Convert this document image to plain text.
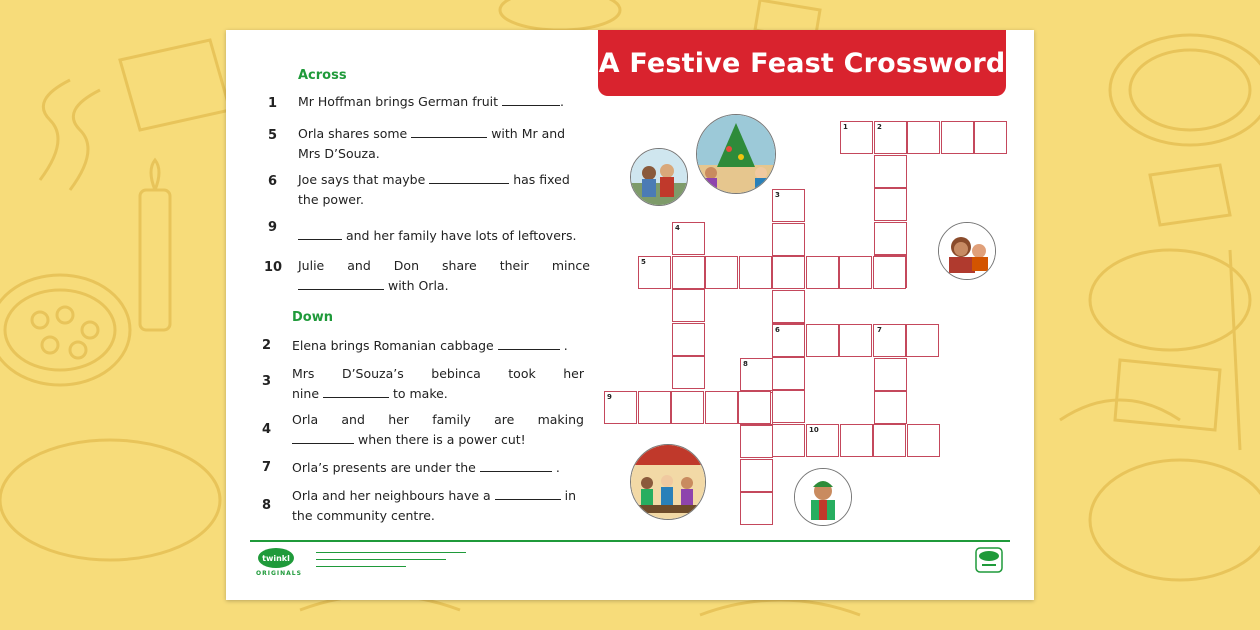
A Festive Feast Crossword
Across
1 Mr Hoffman brings German fruit	.
5 Orla shares some	with Mr and
Mrs D’Souza.
6 Joe says that maybe	has fixed
the power.
9
and her family have lots of leftovers.
10 Julie and Don share their mince
with Orla.
Down
2 Elena brings Romanian cabbage	.
3
Mrs D’Souza’s bebinca took her
nine	to make.
4
Orla and her family are making
when there is a power cut!
7 Orla’s presents are under the	.
8
Orla and her neighbours have a	in
the community centre.
1	2
3
4
5
6	7
8
9
10
twinkl
ORIGINALS
